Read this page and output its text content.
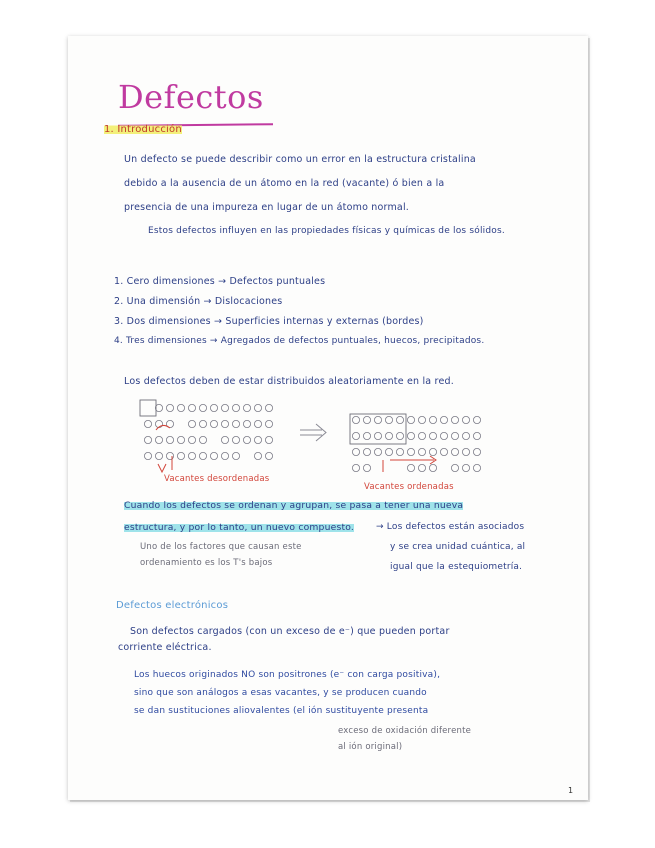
Defectos
1. Introducción
Un defecto se puede describir como un error en la estructura cristalina
debido a la ausencia de un átomo en la red (vacante) ó bien a la
presencia de una impureza en lugar de un átomo normal.
Estos defectos influyen en las propiedades físicas y químicas de los sólidos.
1. Cero dimensiones → Defectos puntuales
2. Una dimensión → Dislocaciones
3. Dos dimensiones → Superficies internas y externas (bordes)
4. Tres dimensiones → Agregados de defectos puntuales, huecos, precipitados.
Los defectos deben de estar distribuidos aleatoriamente en la red.
Vacantes desordenadas
Vacantes ordenadas
Cuando los defectos se ordenan y agrupan, se pasa a tener una nueva
estructura, y por lo tanto, un nuevo compuesto. → Los defectos están asociados
y se crea unidad cuántica, al
igual que la estequiometría.
Uno de los factores que causan este
ordenamiento es los T's bajos
Defectos electrónicos
Son defectos cargados (con un exceso de e⁻) que pueden portar
corriente eléctrica.
Los huecos originados NO son positrones (e⁻ con carga positiva),
sino que son análogos a esas vacantes, y se producen cuando
se dan sustituciones aliovalentes (el ión sustituyente presenta
exceso de oxidación diferente
al ión original)
1
